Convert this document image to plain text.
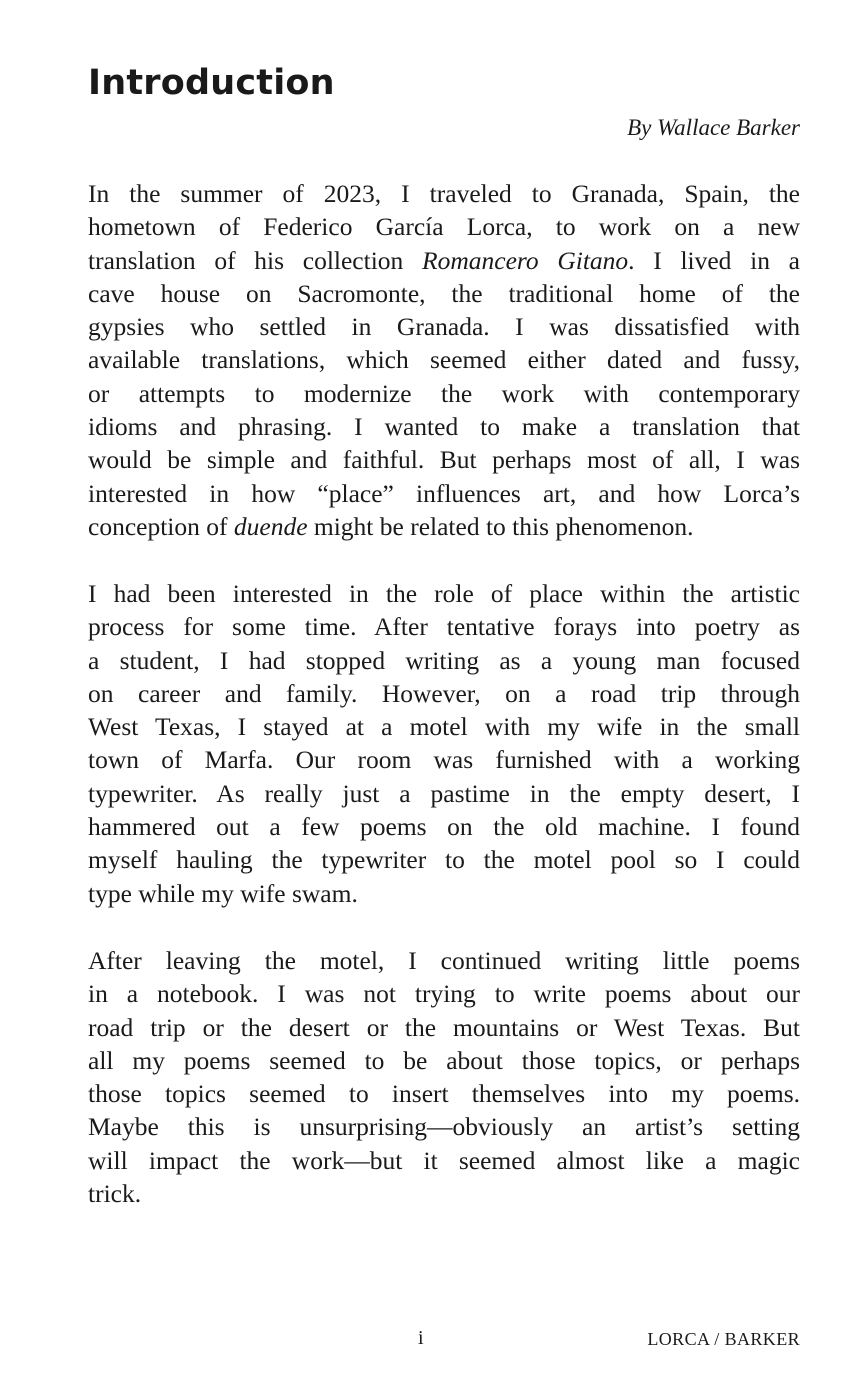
Introduction
By Wallace Barker
In the summer of 2023, I traveled to Granada, Spain, the
hometown of Federico García Lorca, to work on a new
translation of his collection Romancero Gitano. I lived in a
cave house on Sacromonte, the traditional home of the
gypsies who settled in Granada. I was dissatisfied with
available translations, which seemed either dated and fussy,
or attempts to modernize the work with contemporary
idioms and phrasing. I wanted to make a translation that
would be simple and faithful. But perhaps most of all, I was
interested in how “place” influences art, and how Lorca’s
conception of duende might be related to this phenomenon.
I had been interested in the role of place within the artistic
process for some time. After tentative forays into poetry as
a student, I had stopped writing as a young man focused
on career and family. However, on a road trip through
West Texas, I stayed at a motel with my wife in the small
town of Marfa. Our room was furnished with a working
typewriter. As really just a pastime in the empty desert, I
hammered out a few poems on the old machine. I found
myself hauling the typewriter to the motel pool so I could
type while my wife swam.
After leaving the motel, I continued writing little poems
in a notebook. I was not trying to write poems about our
road trip or the desert or the mountains or West Texas. But
all my poems seemed to be about those topics, or perhaps
those topics seemed to insert themselves into my poems.
Maybe this is unsurprising—obviously an artist’s setting
will impact the work—but it seemed almost like a magic
trick.
i	LORCA / BARKER
